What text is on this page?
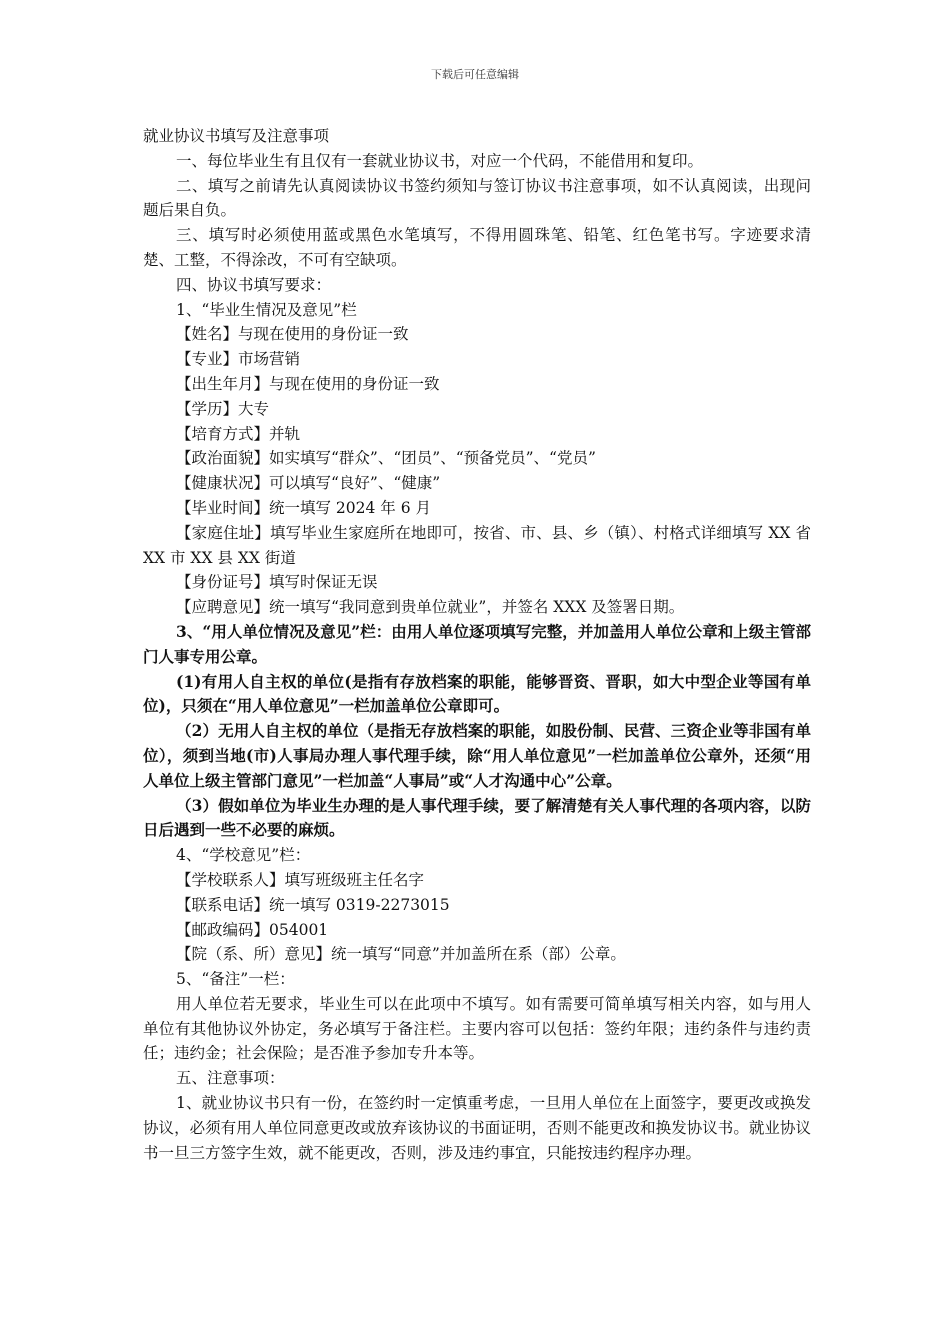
下载后可任意编辑

就业协议书填写及注意事项

一、每位毕业生有且仅有一套就业协议书，对应一个代码，不能借用和复印。

二、填写之前请先认真阅读协议书签约须知与签订协议书注意事项，如不认真阅读，出现问题后果自负。

三、填写时必须使用蓝或黑色水笔填写，不得用圆珠笔、铅笔、红色笔书写。字迹要求清楚、工整，不得涂改，不可有空缺项。

四、协议书填写要求：

1、“毕业生情况及意见”栏

【姓名】与现在使用的身份证一致

【专业】市场营销

【出生年月】与现在使用的身份证一致

【学历】大专

【培育方式】并轨

【政治面貌】如实填写“群众”、“团员”、“预备党员”、“党员”

【健康状况】可以填写“良好”、“健康”

【毕业时间】统一填写 2024 年 6 月

【家庭住址】填写毕业生家庭所在地即可，按省、市、县、乡（镇）、村格式详细填写 XX 省 XX 市 XX 县 XX 街道

【身份证号】填写时保证无误

【应聘意见】统一填写“我同意到贵单位就业”，并签名 XXX 及签署日期。

3、“用人单位情况及意见”栏：由用人单位逐项填写完整，并加盖用人单位公章和上级主管部门人事专用公章。

(1)有用人自主权的单位(是指有存放档案的职能，能够晋资、晋职，如大中型企业等国有单位)，只须在“用人单位意见”一栏加盖单位公章即可。

（2）无用人自主权的单位（是指无存放档案的职能，如股份制、民营、三资企业等非国有单位），须到当地(市)人事局办理人事代理手续，除“用人单位意见”一栏加盖单位公章外，还须“用人单位上级主管部门意见”一栏加盖“人事局”或“人才沟通中心”公章。

（3）假如单位为毕业生办理的是人事代理手续，要了解清楚有关人事代理的各项内容，以防日后遇到一些不必要的麻烦。

4、“学校意见”栏：

【学校联系人】填写班级班主任名字

【联系电话】统一填写 0319-2273015

【邮政编码】054001

【院（系、所）意见】统一填写“同意”并加盖所在系（部）公章。

5、“备注”一栏：

用人单位若无要求，毕业生可以在此项中不填写。如有需要可简单填写相关内容，如与用人单位有其他协议外协定，务必填写于备注栏。主要内容可以包括：签约年限；违约条件与违约责任；违约金；社会保险；是否准予参加专升本等。

五、注意事项：

1、就业协议书只有一份，在签约时一定慎重考虑，一旦用人单位在上面签字，要更改或换发协议，必须有用人单位同意更改或放弃该协议的书面证明，否则不能更改和换发协议书。就业协议书一旦三方签字生效，就不能更改，否则，涉及违约事宜，只能按违约程序办理。
